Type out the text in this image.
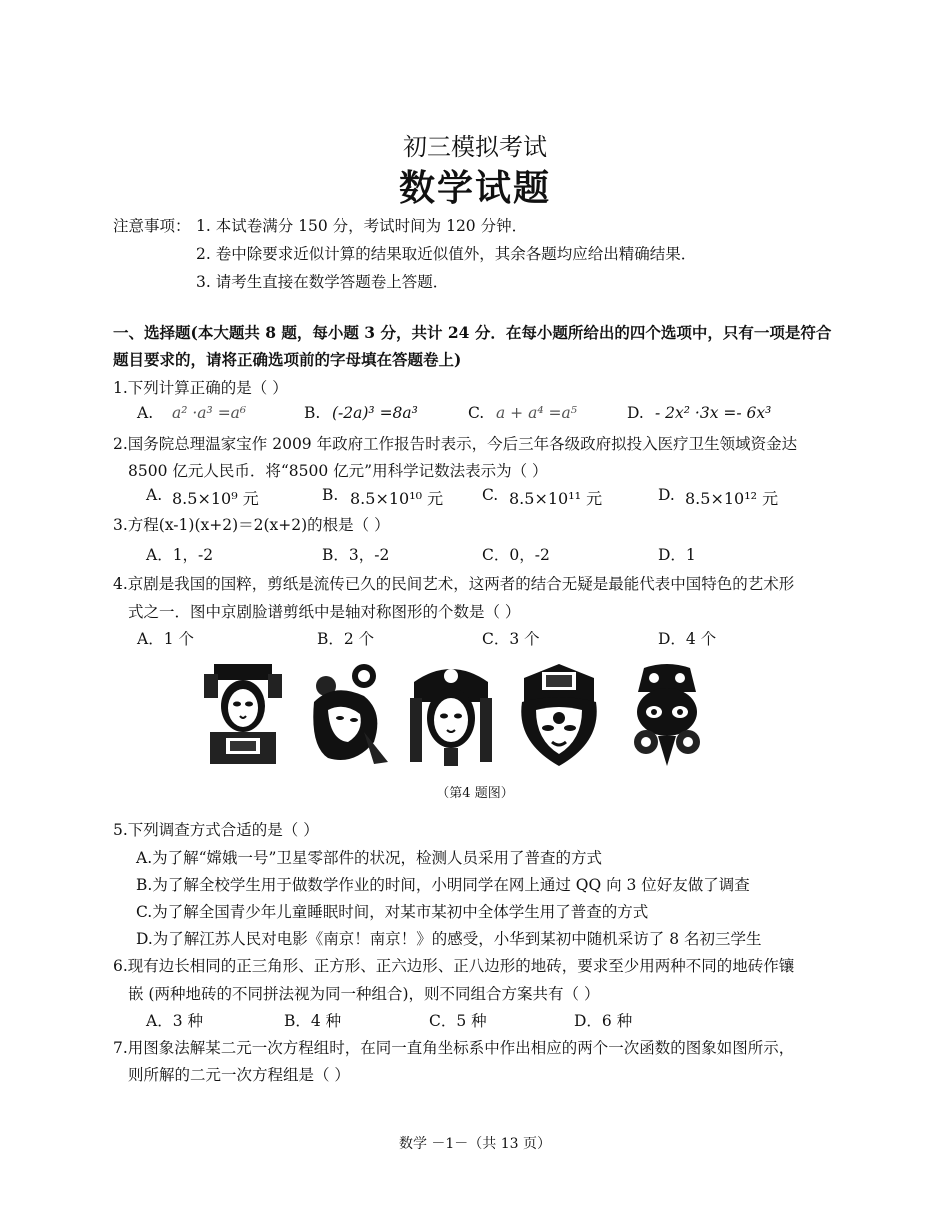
初三模拟考试
数学试题
注意事项： 1. 本试卷满分 150 分，考试时间为 120 分钟．
2. 卷中除要求近似计算的结果取近似值外，其余各题均应给出精确结果．
3. 请考生直接在数学答题卷上答题．
一、选择题(本大题共 8 题，每小题 3 分，共计 24 分．在每小题所给出的四个选项中，只有一项是符合
题目要求的，请将正确选项前的字母填在答题卷上)
1.下列计算正确的是（ ）
A. a² ·a³ =a⁶	B. (-2a)³ =8a³	C. a + a⁴ =a⁵	D. - 2x² ·3x =- 6x³
2.国务院总理温家宝作 2009 年政府工作报告时表示，今后三年各级政府拟投入医疗卫生领域资金达
8500 亿元人民币．将“8500 亿元”用科学记数法表示为（ ）
A. 8.5×10⁹ 元	B. 8.5×10¹⁰ 元	C. 8.5×10¹¹ 元	D. 8.5×10¹² 元
3.方程(x-1)(x+2)＝2(x+2)的根是（ ）
A．1，-2	B．3，-2	C．0，-2	D．1
4.京剧是我国的国粹，剪纸是流传已久的民间艺术，这两者的结合无疑是最能代表中国特色的艺术形
式之一．图中京剧脸谱剪纸中是轴对称图形的个数是（ ）
A．1 个	B．2 个	C．3 个	D．4 个
（第4 题图）
5.下列调查方式合适的是（ ）
A.为了解“嫦娥一号”卫星零部件的状况，检测人员采用了普查的方式
B.为了解全校学生用于做数学作业的时间，小明同学在网上通过 QQ 向 3 位好友做了调查
C.为了解全国青少年儿童睡眠时间，对某市某初中全体学生用了普查的方式
D.为了解江苏人民对电影《南京！南京！》的感受，小华到某初中随机采访了 8 名初三学生
6.现有边长相同的正三角形、正方形、正六边形、正八边形的地砖，要求至少用两种不同的地砖作镶
嵌 (两种地砖的不同拼法视为同一种组合)，则不同组合方案共有（ ）
A．3 种	B．4 种	C．5 种	D．6 种
7.用图象法解某二元一次方程组时，在同一直角坐标系中作出相应的两个一次函数的图象如图所示，
则所解的二元一次方程组是（ ）
数学 －1－（共 13 页）
